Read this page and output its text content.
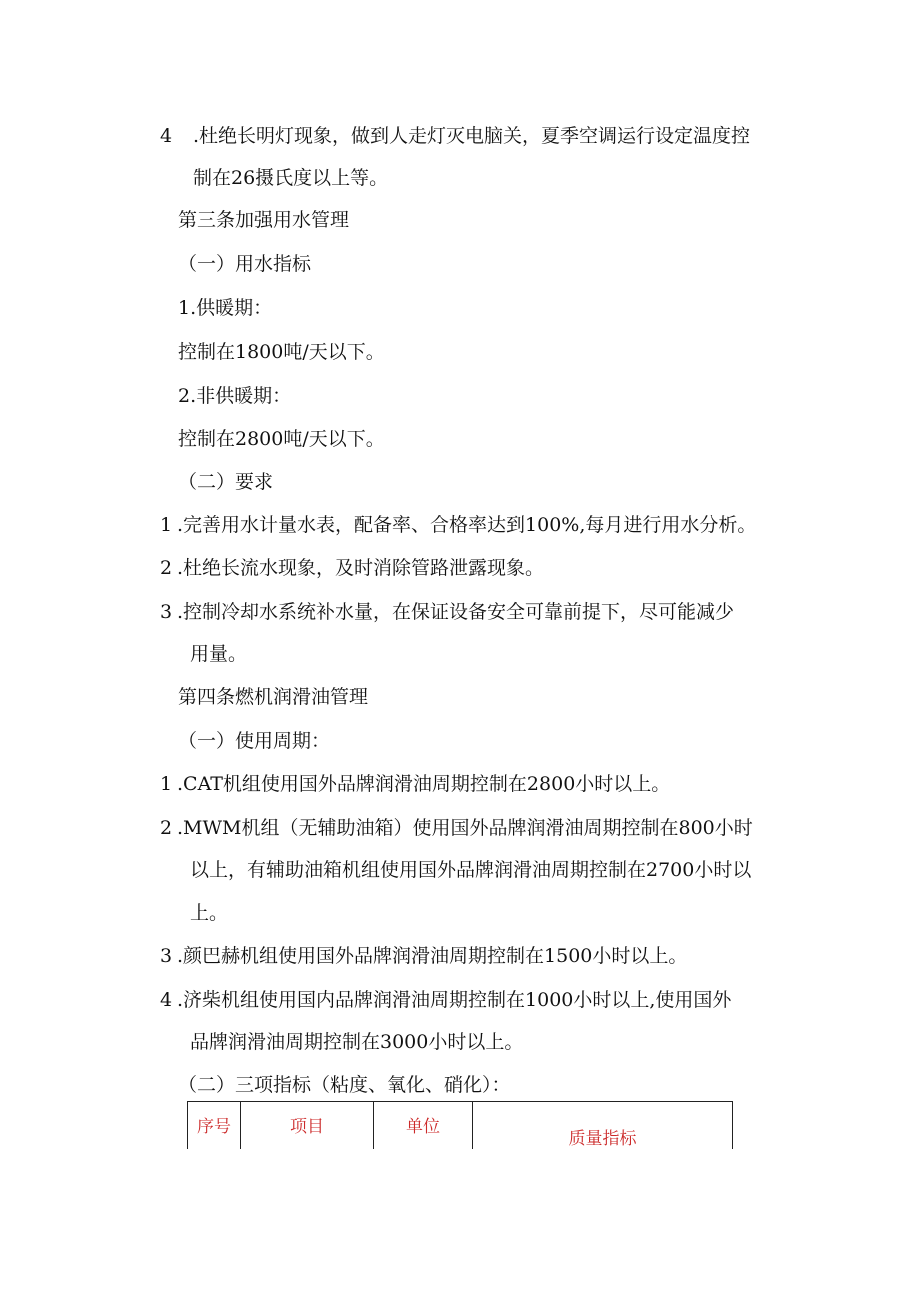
4 .杜绝长明灯现象，做到人走灯灭电脑关，夏季空调运行设定温度控
制在26摄氏度以上等。
第三条加强用水管理
（一）用水指标
1.供暖期：
控制在1800吨/天以下。
2.非供暖期：
控制在2800吨/天以下。
（二）要求
1 .完善用水计量水表，配备率、合格率达到100%,每月进行用水分析。
2 .杜绝长流水现象，及时消除管路泄露现象。
3 .控制冷却水系统补水量，在保证设备安全可靠前提下，尽可能减少
用量。
第四条燃机润滑油管理
（一）使用周期：
1 .CAT机组使用国外品牌润滑油周期控制在2800小时以上。
2 .MWM机组（无辅助油箱）使用国外品牌润滑油周期控制在800小时
以上，有辅助油箱机组使用国外品牌润滑油周期控制在2700小时以
上。
3 .颜巴赫机组使用国外品牌润滑油周期控制在1500小时以上。
4 .济柴机组使用国内品牌润滑油周期控制在1000小时以上,使用国外
品牌润滑油周期控制在3000小时以上。
（二）三项指标（粘度、氧化、硝化）：
序号	项目	单位	质量指标
